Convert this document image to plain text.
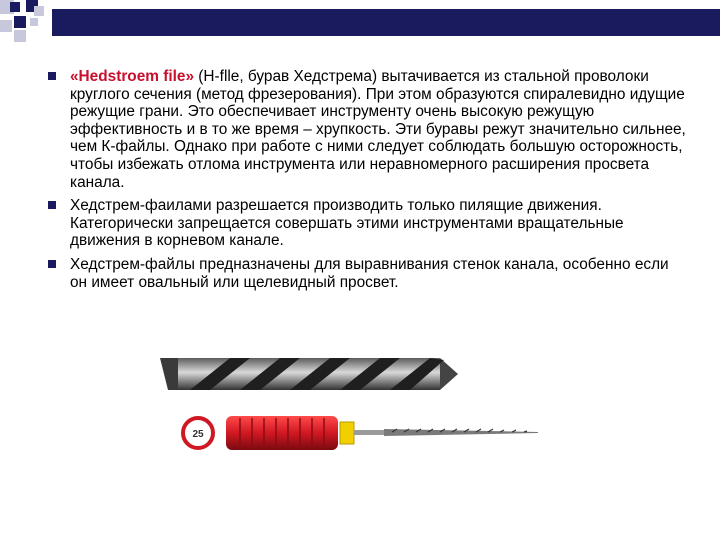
«Hedstroem file» (H-flle, бурав Хедстрема) вытачивается из стальной проволоки круглого сечения (метод фрезерования). При этом образуются спиралевидно идущие режущие грани. Это обеспечивает инструменту очень высокую режущую эффективность и в то же время – хрупкость. Эти буравы режут значительно сильнее, чем К-файлы. Однако при работе с ними следует соблюдать большую осторожность, чтобы избежать отлома инструмента или неравномерного расширения просвета канала.
Хедстрем-фаилами разрешается производить только пилящие движения. Категорически запрещается совершать этими инструментами вращательные движения в корневом канале.
Хедстрем-файлы предназначены для выравнивания стенок канала, особенно если он имеет овальный или щелевидный просвет.
25
